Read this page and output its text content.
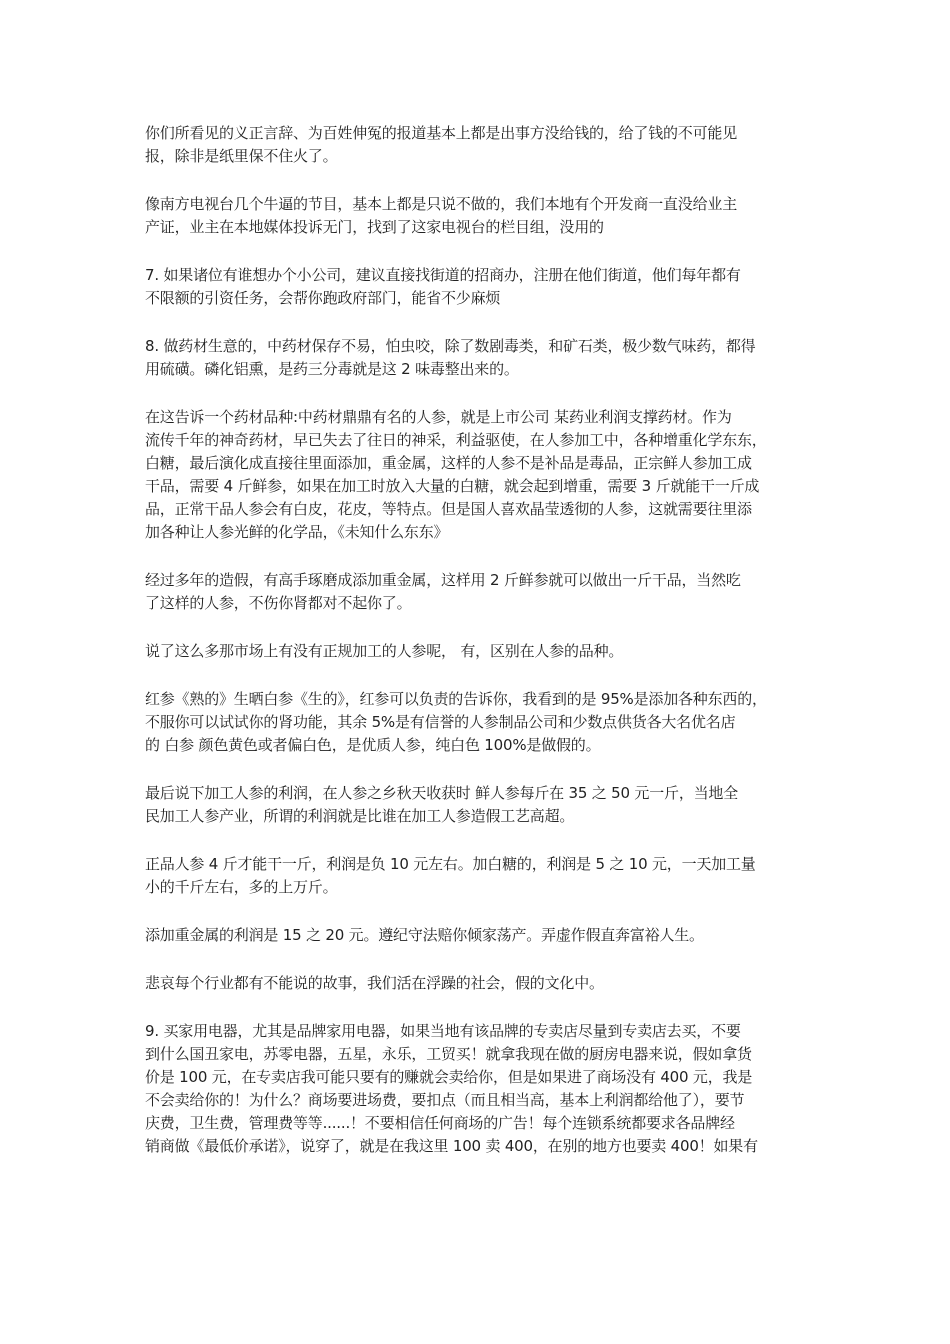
你们所看见的义正言辞、为百姓伸冤的报道基本上都是出事方没给钱的，给了钱的不可能见
报，除非是纸里保不住火了。

像南方电视台几个牛逼的节目，基本上都是只说不做的，我们本地有个开发商一直没给业主
产证，业主在本地媒体投诉无门，找到了这家电视台的栏目组，没用的

7. 如果诸位有谁想办个小公司，建议直接找街道的招商办，注册在他们街道，他们每年都有
不限额的引资任务，会帮你跑政府部门，能省不少麻烦

8. 做药材生意的，中药材保存不易，怕虫咬，除了数剧毒类，和矿石类，极少数气味药，都得
用硫磺。磷化铝熏，是药三分毒就是这 2 味毒整出来的。

在这告诉一个药材品种:中药材鼎鼎有名的人参，就是上市公司 某药业利润支撑药材。作为
流传千年的神奇药材，早已失去了往日的神采，利益驱使，在人参加工中，各种增重化学东东，
白糖，最后演化成直接往里面添加，重金属，这样的人参不是补品是毒品，正宗鲜人参加工成
干品，需要 4 斤鲜参，如果在加工时放入大量的白糖，就会起到增重，需要 3 斤就能干一斤成
品，正常干品人参会有白皮，花皮，等特点。但是国人喜欢晶莹透彻的人参，这就需要往里添
加各种让人参光鲜的化学品，《未知什么东东》

经过多年的造假，有高手琢磨成添加重金属，这样用 2 斤鲜参就可以做出一斤干品，当然吃
了这样的人参，不伤你肾都对不起你了。

说了这么多那市场上有没有正规加工的人参呢， 有，区别在人参的品种。

红参《熟的》生晒白参《生的》，红参可以负责的告诉你，我看到的是 95%是添加各种东西的，
不服你可以试试你的肾功能，其余 5%是有信誉的人参制品公司和少数点供货各大名优名店
的 白参 颜色黄色或者偏白色，是优质人参，纯白色 100%是做假的。

最后说下加工人参的利润，在人参之乡秋天收获时 鲜人参每斤在 35 之 50 元一斤，当地全
民加工人参产业，所谓的利润就是比谁在加工人参造假工艺高超。

正品人参 4 斤才能干一斤，利润是负 10 元左右。加白糖的，利润是 5 之 10 元，一天加工量
小的千斤左右，多的上万斤。

添加重金属的利润是 15 之 20 元。遵纪守法赔你倾家荡产。弄虚作假直奔富裕人生。

悲哀每个行业都有不能说的故事，我们活在浮躁的社会，假的文化中。

9. 买家用电器，尤其是品牌家用电器，如果当地有该品牌的专卖店尽量到专卖店去买，不要
到什么国丑家电，苏零电器，五星，永乐，工贸买！就拿我现在做的厨房电器来说，假如拿货
价是 100 元，在专卖店我可能只要有的赚就会卖给你，但是如果进了商场没有 400 元，我是
不会卖给你的！为什么？商场要进场费，要扣点（而且相当高，基本上利润都给他了），要节
庆费，卫生费，管理费等等......！不要相信任何商场的广告！每个连锁系统都要求各品牌经
销商做《最低价承诺》，说穿了，就是在我这里 100 卖 400，在别的地方也要卖 400！如果有
